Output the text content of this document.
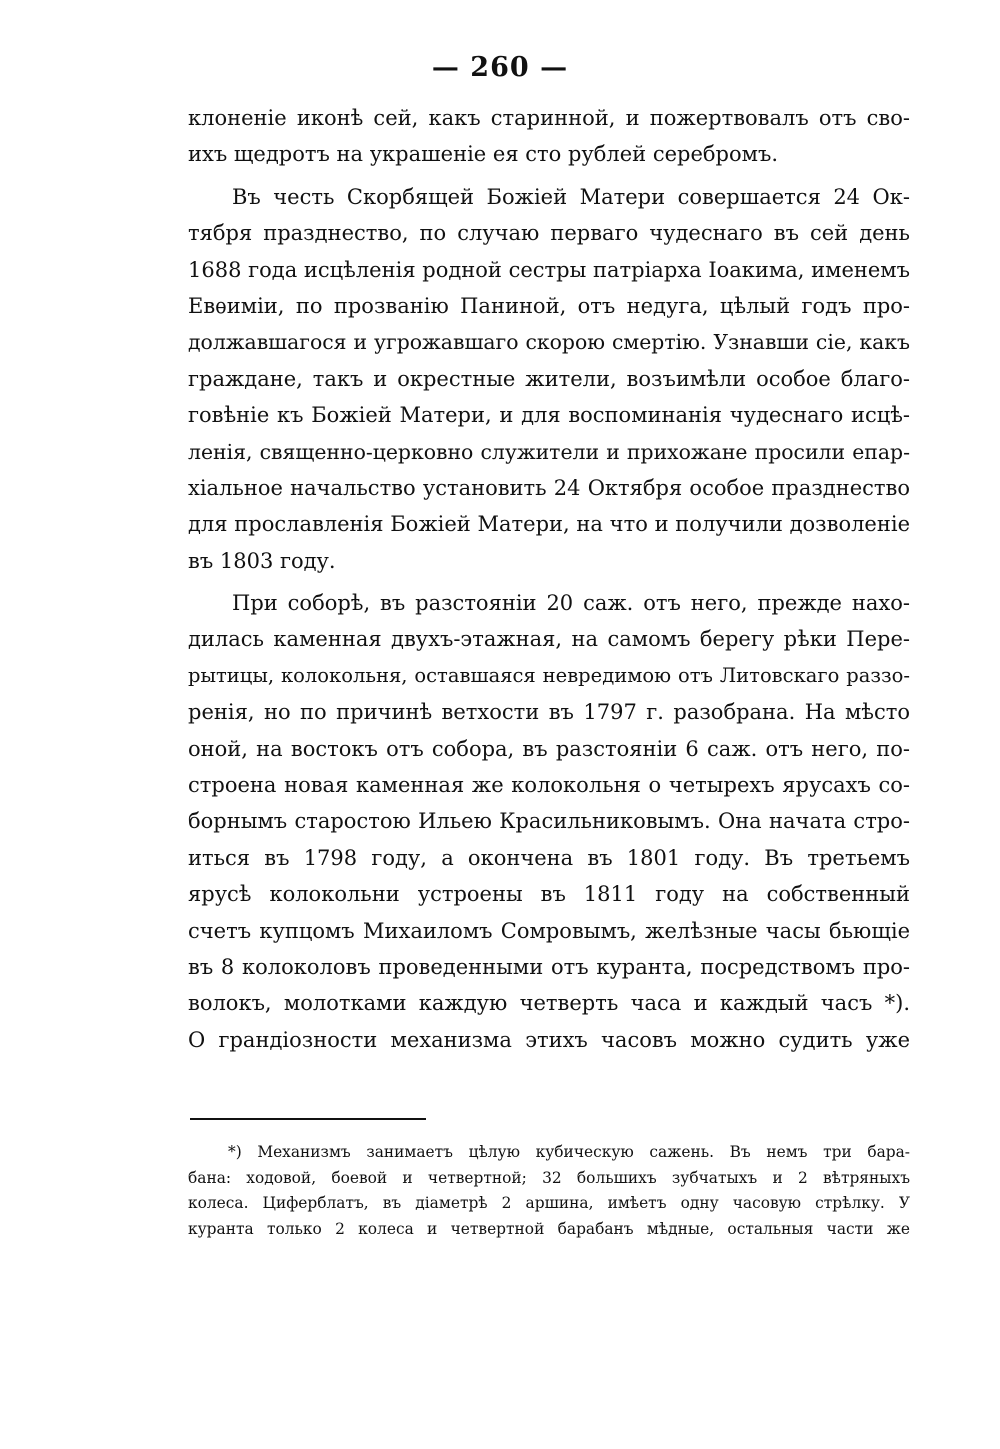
— 260 —
клоненіе иконѣ сей, какъ старинной, и пожертвовалъ отъ сво-
ихъ щедротъ на украшеніе ея сто рублей серебромъ.
Въ честь Скорбящей Божіей Матери совершается 24 Ок-
тября празднество, по случаю перваго чудеснаго въ сей день
1688 года исцѣленія родной сестры патріарха Іоакима, именемъ
Евѳиміи, по прозванію Паниной, отъ недуга, цѣлый годъ про-
должавшагося и угрожавшаго скорою смертію. Узнавши сіе, какъ
граждане, такъ и окрестные жители, возъимѣли особое благо-
говѣніе къ Божіей Матери, и для воспоминанія чудеснаго исцѣ-
ленія, священно-церковно служители и прихожане просили епар-
хіальное начальство установить 24 Октября особое празднество
для прославленія Божіей Матери, на что и получили дозволеніе
въ 1803 году.
При соборѣ, въ разстояніи 20 саж. отъ него, прежде нахо-
дилась каменная двухъ-этажная, на самомъ берегу рѣки Пере-
рытицы, колокольня, оставшаяся невредимою отъ Литовскаго раззо-
ренія, но по причинѣ ветхости въ 1797 г. разобрана. На мѣсто
оной, на востокъ отъ собора, въ разстояніи 6 саж. отъ него, по-
строена новая каменная же колокольня о четырехъ ярусахъ со-
борнымъ старостою Ильею Красильниковымъ. Она начата стро-
иться въ 1798 году, а окончена въ 1801 году. Въ третьемъ
ярусѣ колокольни устроены въ 1811 году на собственный
счетъ купцомъ Михаиломъ Сомровымъ, желѣзные часы бьющіе
въ 8 колоколовъ проведенными отъ куранта, посредствомъ про-
волокъ, молотками каждую четверть часа и каждый часъ *).
О грандіозности механизма этихъ часовъ можно судить уже
*) Механизмъ занимаетъ цѣлую кубическую сажень. Въ немъ три бара-
бана: ходовой, боевой и четвертной; 32 большихъ зубчатыхъ и 2 вѣтряныхъ
колеса. Циферблатъ, въ діаметрѣ 2 аршина, имѣетъ одну часовую стрѣлку. У
куранта только 2 колеса и четвертной барабанъ мѣдные, остальныя части же
